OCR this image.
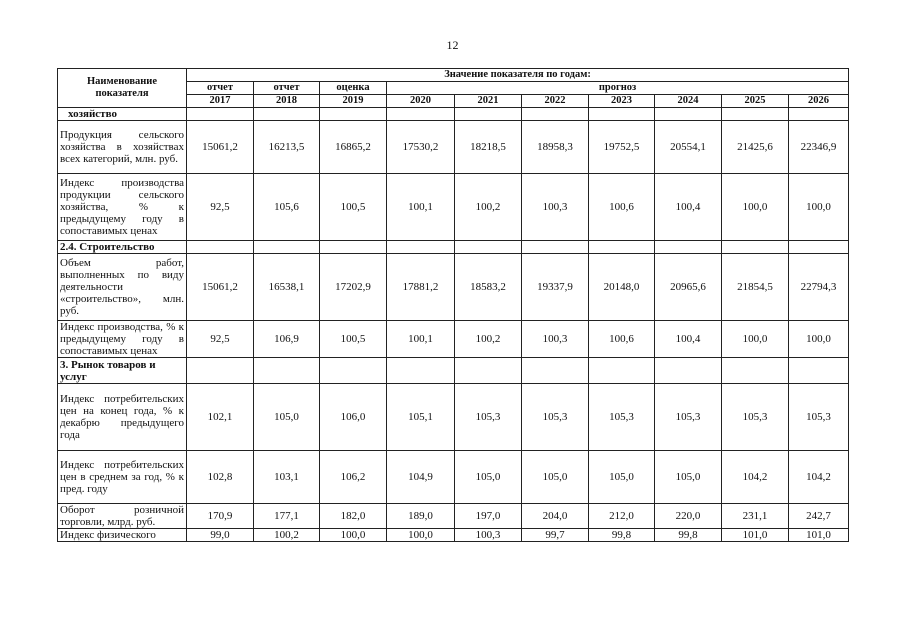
12
Наименование показателя	Значение показателя по годам:									
	отчет	отчет	оценка	прогноз						
	2017	2018	2019	2020	2021	2022	2023	2024	2025	2026
хозяйство										
Продукция сельского хозяйства в хозяйствах всех категорий, млн. руб.	15061,2	16213,5	16865,2	17530,2	18218,5	18958,3	19752,5	20554,1	21425,6	22346,9
Индекс производства продукции сельского хозяйства, % к предыдущему году в сопоставимых ценах	92,5	105,6	100,5	100,1	100,2	100,3	100,6	100,4	100,0	100,0
2.4. Строительство										
Объем работ, выполненных по виду деятельности «строительство», млн. руб.	15061,2	16538,1	17202,9	17881,2	18583,2	19337,9	20148,0	20965,6	21854,5	22794,3
Индекс производства, % к предыдущему году в сопоставимых ценах	92,5	106,9	100,5	100,1	100,2	100,3	100,6	100,4	100,0	100,0
3. Рынок товаров и услуг										
Индекс потребительских цен на конец года, % к декабрю предыдущего года	102,1	105,0	106,0	105,1	105,3	105,3	105,3	105,3	105,3	105,3
Индекс потребительских цен в среднем за год, % к пред. году	102,8	103,1	106,2	104,9	105,0	105,0	105,0	105,0	104,2	104,2
Оборот розничной торговли, млрд. руб.	170,9	177,1	182,0	189,0	197,0	204,0	212,0	220,0	231,1	242,7
Индекс физического	99,0	100,2	100,0	100,0	100,3	99,7	99,8	99,8	101,0	101,0
